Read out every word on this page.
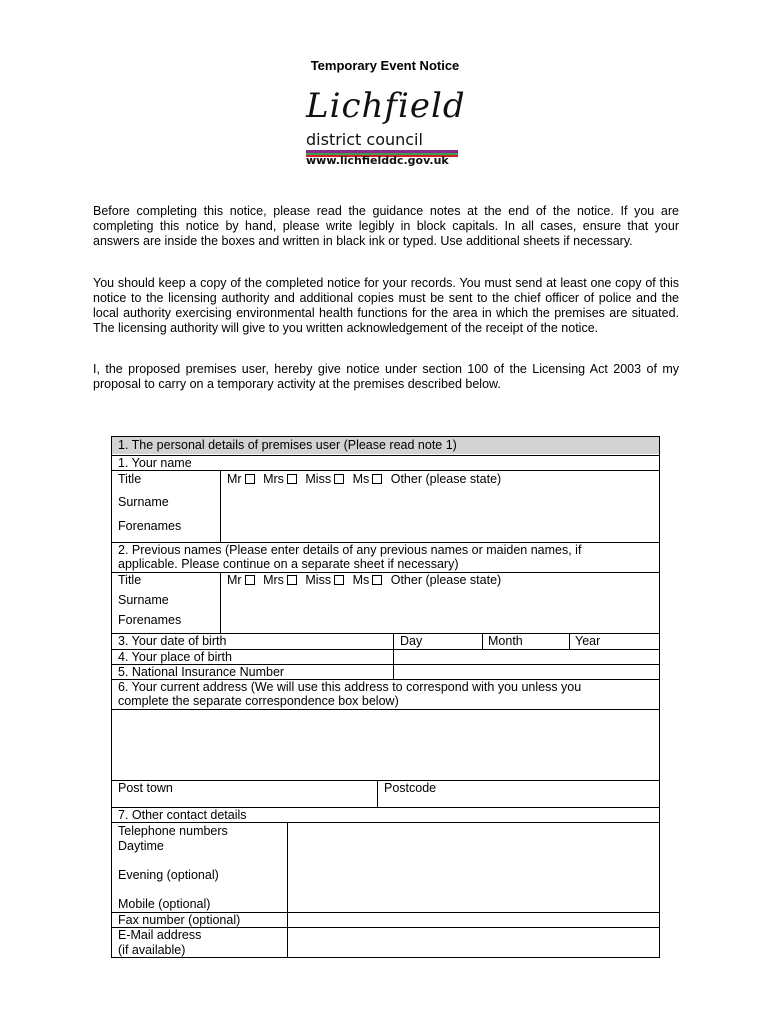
Temporary Event Notice
Lichfield
district council
www.lichfielddc.gov.uk

Before completing this notice, please read the guidance notes at the end of the notice. If you are completing this notice by hand, please write legibly in block capitals. In all cases, ensure that your answers are inside the boxes and written in black ink or typed. Use additional sheets if necessary.

You should keep a copy of the completed notice for your records. You must send at least one copy of this notice to the licensing authority and additional copies must be sent to the chief officer of police and the local authority exercising environmental health functions for the area in which the premises are situated. The licensing authority will give to you written acknowledgement of the receipt of the notice.

I, the proposed premises user, hereby give notice under section 100 of the Licensing Act 2003 of my proposal to carry on a temporary activity at the premises described below.

1. The personal details of premises user (Please read note 1)
1. Your name
Title	Mr Mrs Miss Ms Other (please state)
Surname
Forenames
2. Previous names (Please enter details of any previous names or maiden names, if
applicable. Please continue on a separate sheet if necessary)
Title	Mr Mrs Miss Ms Other (please state)
Surname
Forenames
3. Your date of birth	Day	Month	Year
4. Your place of birth
5. National Insurance Number
6. Your current address (We will use this address to correspond with you unless you
complete the separate correspondence box below)
Post town	Postcode
7. Other contact details
Telephone numbers
Daytime
Evening (optional)
Mobile (optional)
Fax number (optional)
E-Mail address
(if available)
